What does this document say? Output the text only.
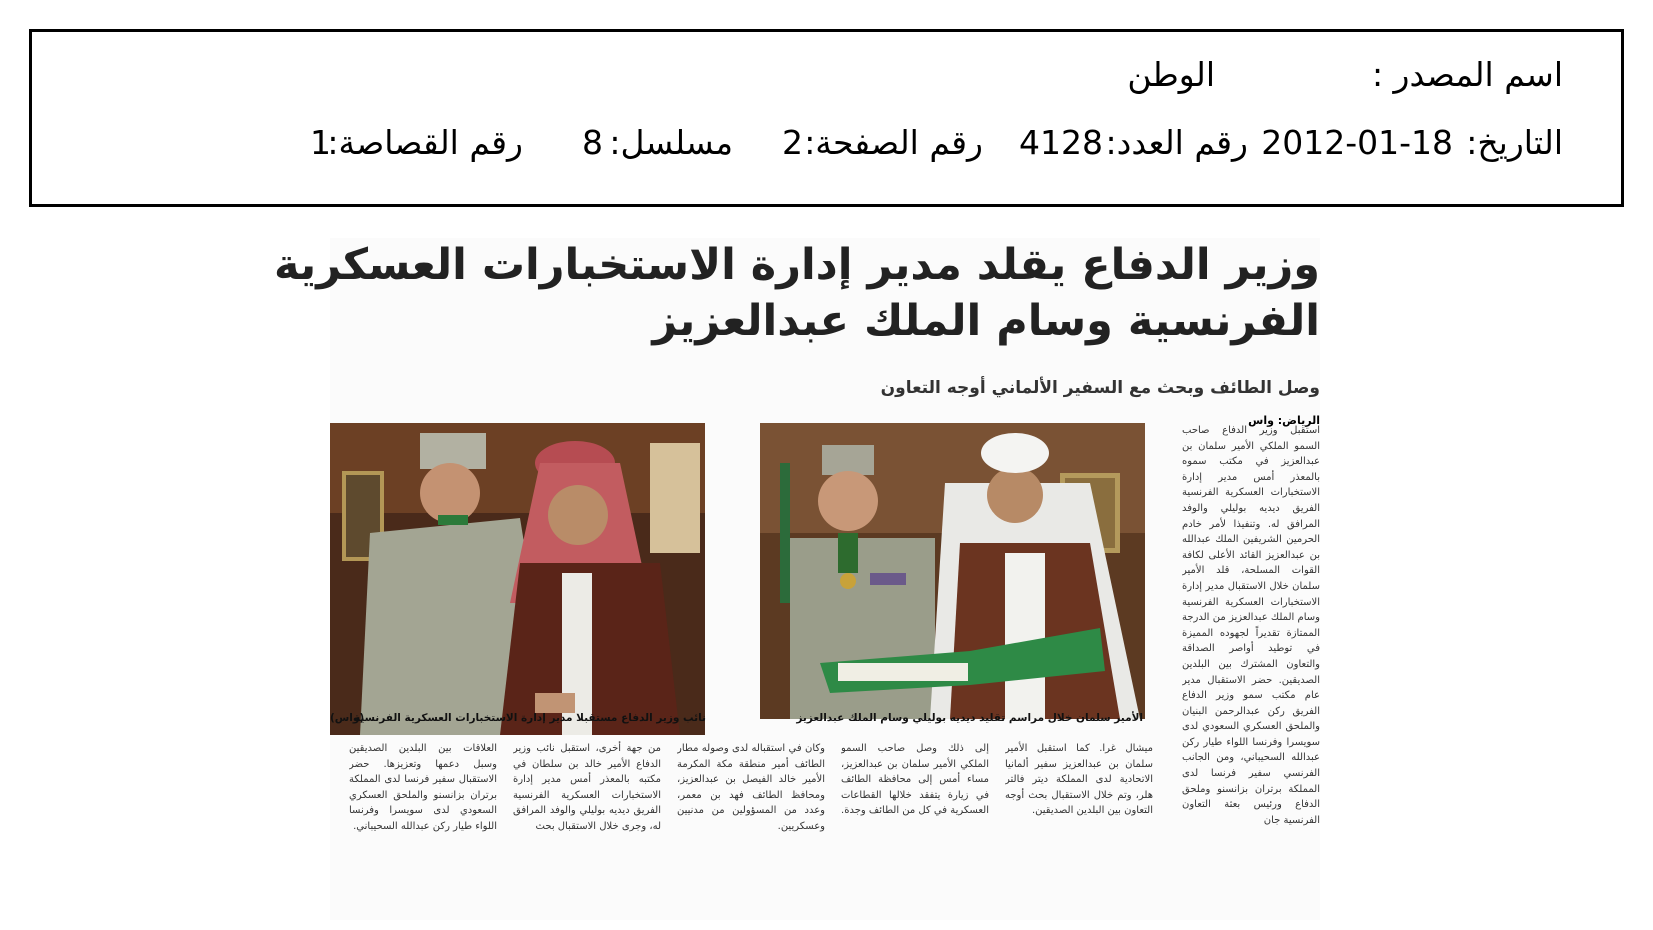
اسم المصدر :
الوطن
التاريخ:
2012-01-18
رقم العدد:
4128
رقم الصفحة:
2
مسلسل:
8
رقم القصاصة:
1
وزير الدفاع يقلد مدير إدارة الاستخبارات العسكرية
الفرنسية وسام الملك عبدالعزيز
وصل الطائف وبحث مع السفير الألماني أوجه التعاون
الرياض: واس
الأمير سلمان خلال مراسم تقليد ديديه بوليلي وسام الملك عبدالعزيز
نائب وزير الدفاع مستقبلا مدير إدارة الاستخبارات العسكرية الفرنسية
(واس)
استقبل وزير الدفاع صاحب السمو الملكي الأمير سلمان بن عبدالعزيز في مكتب سموه بالمعذر أمس مدير إدارة الاستخبارات العسكرية الفرنسية الفريق ديديه بوليلي والوفد المرافق له. وتنفيذا لأمر خادم الحرمين الشريفين الملك عبدالله بن عبدالعزيز القائد الأعلى لكافة القوات المسلحة، قلد الأمير سلمان خلال الاستقبال مدير إدارة الاستخبارات العسكرية الفرنسية وسام الملك عبدالعزيز من الدرجة الممتازة تقديراً لجهوده المميزة في توطيد أواصر الصداقة والتعاون المشترك بين البلدين الصديقين. حضر الاستقبال مدير عام مكتب سمو وزير الدفاع الفريق ركن عبدالرحمن البنيان والملحق العسكري السعودي لدى سويسرا وفرنسا اللواء طيار ركن عبدالله السحيباني، ومن الجانب الفرنسي سفير فرنسا لدى المملكة برتران بزانسنو وملحق الدفاع ورئيس بعثة التعاون الفرنسية جان
ميشال غرا. كما استقبل الأمير سلمان بن عبدالعزيز سفير ألمانيا الاتحادية لدى المملكة ديتر فالتر هلر، وتم خلال الاستقبال بحث أوجه التعاون بين البلدين الصديقين.
إلى ذلك وصل صاحب السمو الملكي الأمير سلمان بن عبدالعزيز، مساء أمس إلى محافظة الطائف في زيارة يتفقد خلالها القطاعات العسكرية في كل من الطائف وجدة.
وكان في استقباله لدى وصوله مطار الطائف أمير منطقة مكة المكرمة الأمير خالد الفيصل بن عبدالعزيز، ومحافظ الطائف فهد بن معمر، وعدد من المسؤولين من مدنيين وعسكريين.
من جهة أخرى، استقبل نائب وزير الدفاع الأمير خالد بن سلطان في مكتبه بالمعذر أمس مدير إدارة الاستخبارات العسكرية الفرنسية الفريق ديديه بوليلي والوفد المرافق له، وجرى خلال الاستقبال بحث
العلاقات بين البلدين الصديقين وسبل دعمها وتعزيزها. حضر الاستقبال سفير فرنسا لدى المملكة برتران بزانسنو والملحق العسكري السعودي لدى سويسرا وفرنسا اللواء طيار ركن عبدالله السحيباني.
